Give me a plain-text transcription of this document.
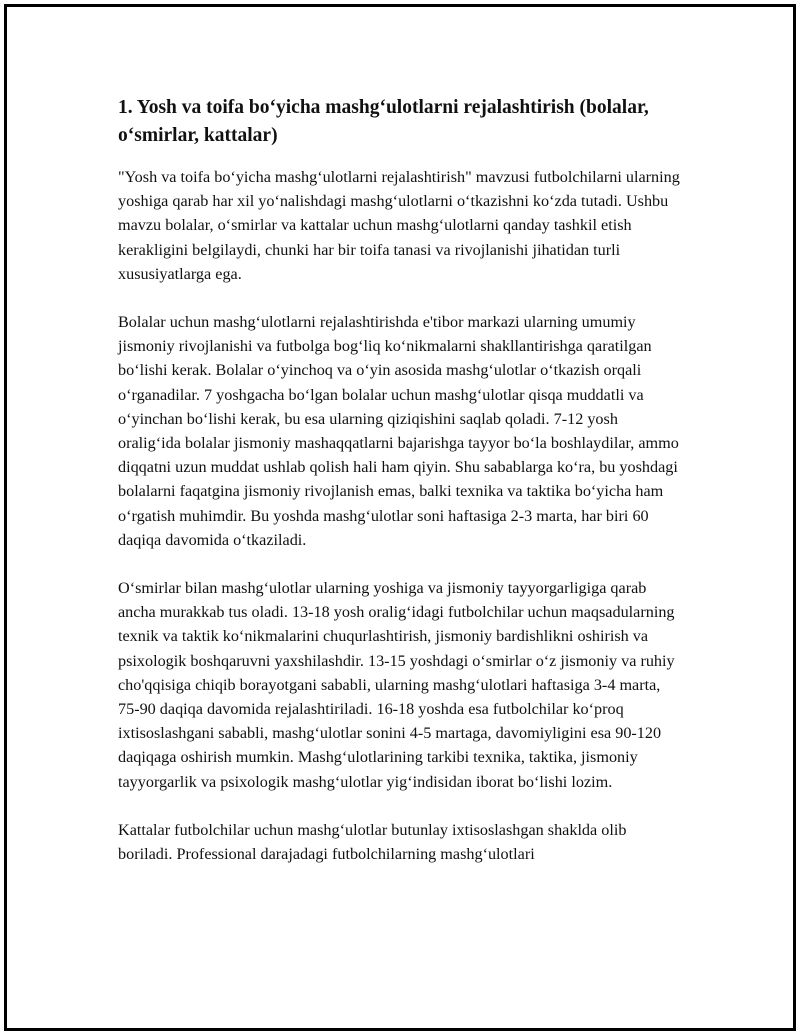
1. Yosh va toifa bo‘yicha mashg‘ulotlarni rejalashtirish (bolalar, o‘smirlar, kattalar)

"Yosh va toifa bo‘yicha mashg‘ulotlarni rejalashtirish" mavzusi futbolchilarni ularning yoshiga qarab har xil yo‘nalishdagi mashg‘ulotlarni o‘tkazishni ko‘zda tutadi. Ushbu mavzu bolalar, o‘smirlar va kattalar uchun mashg‘ulotlarni qanday tashkil etish kerakligini belgilaydi, chunki har bir toifa tanasi va rivojlanishi jihatidan turli xususiyatlarga ega.

Bolalar uchun mashg‘ulotlarni rejalashtirishda e'tibor markazi ularning umumiy jismoniy rivojlanishi va futbolga bog‘liq ko‘nikmalarni shakllantirishga qaratilgan bo‘lishi kerak. Bolalar o‘yinchoq va o‘yin asosida mashg‘ulotlar o‘tkazish orqali o‘rganadilar. 7 yoshgacha bo‘lgan bolalar uchun mashg‘ulotlar qisqa muddatli va o‘yinchan bo‘lishi kerak, bu esa ularning qiziqishini saqlab qoladi. 7-12 yosh oralig‘ida bolalar jismoniy mashaqqatlarni bajarishga tayyor bo‘la boshlaydilar, ammo diqqatni uzun muddat ushlab qolish hali ham qiyin. Shu sabablarga ko‘ra, bu yoshdagi bolalarni faqatgina jismoniy rivojlanish emas, balki texnika va taktika bo‘yicha ham o‘rgatish muhimdir. Bu yoshda mashg‘ulotlar soni haftasiga 2-3 marta, har biri 60 daqiqa davomida o‘tkaziladi.

O‘smirlar bilan mashg‘ulotlar ularning yoshiga va jismoniy tayyorgarligiga qarab ancha murakkab tus oladi. 13-18 yosh oralig‘idagi futbolchilar uchun maqsadularning texnik va taktik ko‘nikmalarini chuqurlashtirish, jismoniy bardishlikni oshirish va psixologik boshqaruvni yaxshilashdir. 13-15 yoshdagi o‘smirlar o‘z jismoniy va ruhiy cho'qqisiga chiqib borayotgani sababli, ularning mashg‘ulotlari haftasiga 3-4 marta, 75-90 daqiqa davomida rejalashtiriladi. 16-18 yoshda esa futbolchilar ko‘proq ixtisoslashgani sababli, mashg‘ulotlar sonini 4-5 martaga, davomiyligini esa 90-120 daqiqaga oshirish mumkin. Mashg‘ulotlarining tarkibi texnika, taktika, jismoniy tayyorgarlik va psixologik mashg‘ulotlar yig‘indisidan iborat bo‘lishi lozim.

Kattalar futbolchilar uchun mashg‘ulotlar butunlay ixtisoslashgan shaklda olib boriladi. Professional darajadagi futbolchilarning mashg‘ulotlari
